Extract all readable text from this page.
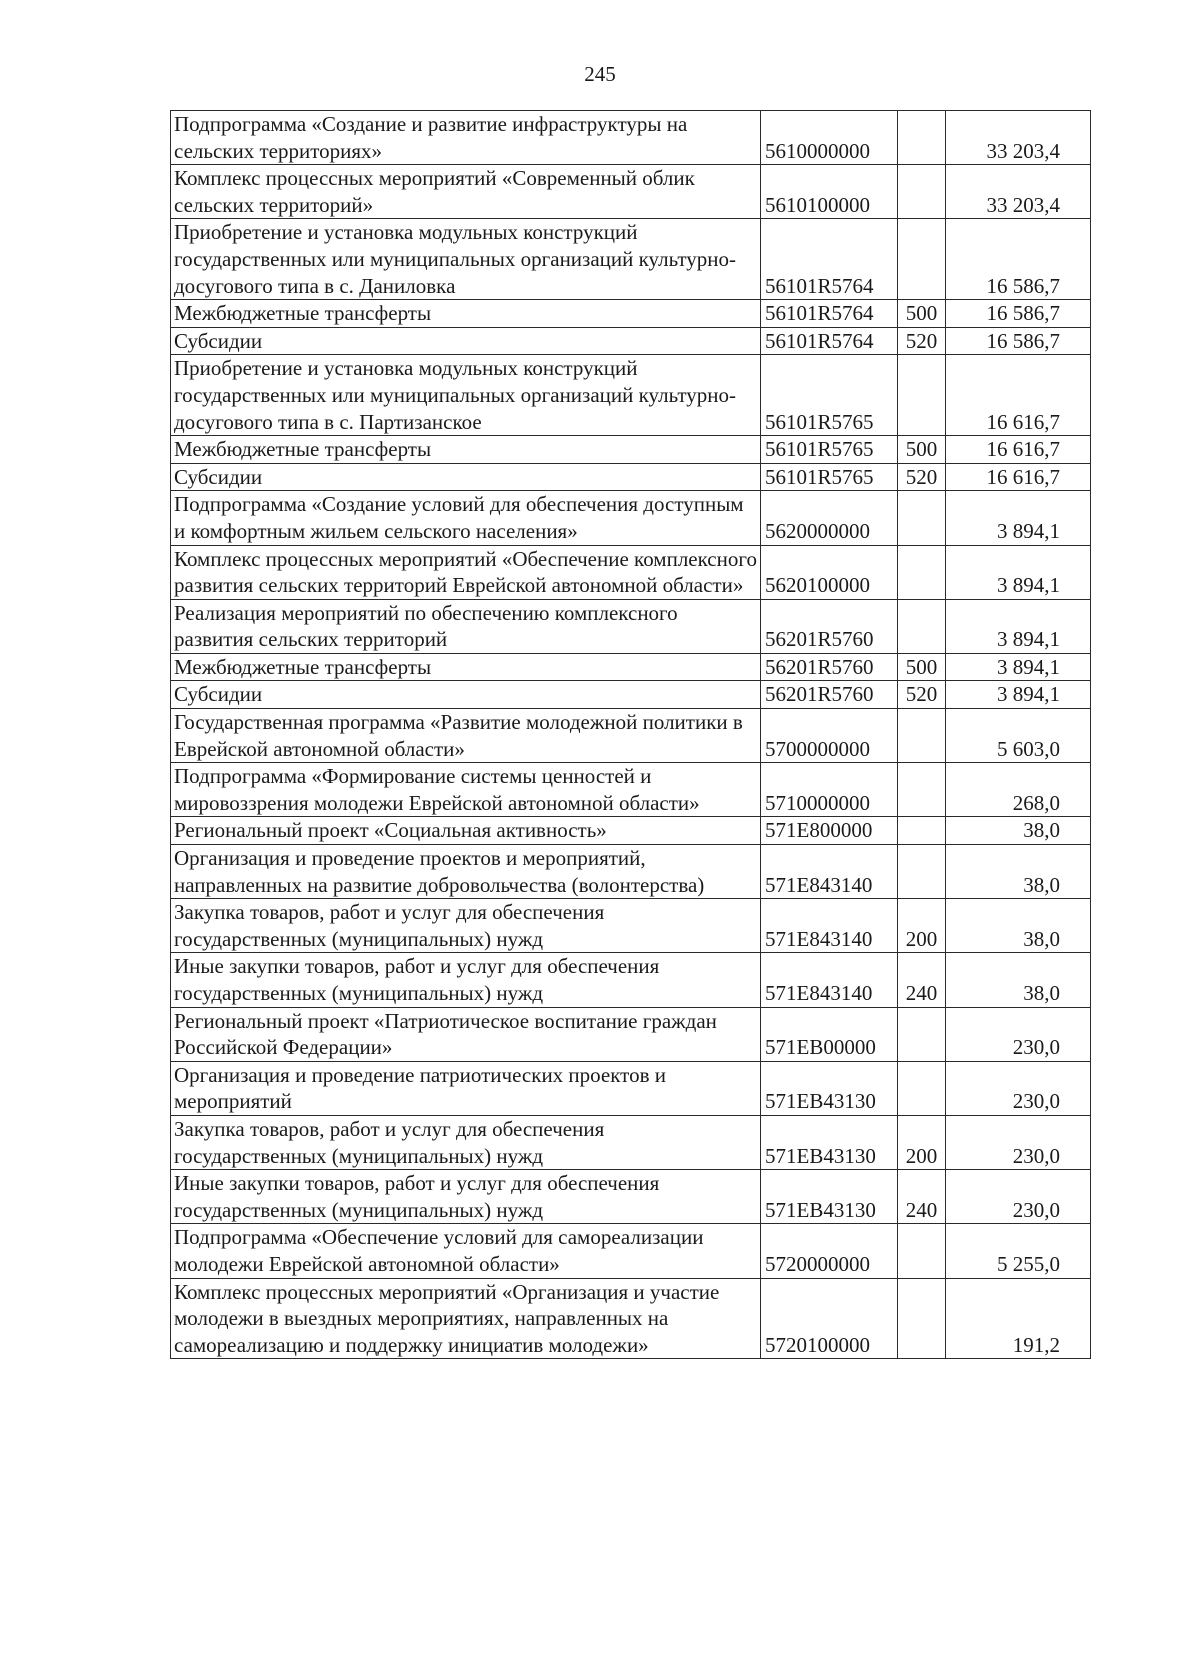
245
Подпрограмма «Создание и развитие инфраструктуры на сельских территориях»	5610000000		33 203,4
Комплекс процессных мероприятий «Современный облик сельских территорий»	5610100000		33 203,4
Приобретение и установка модульных конструкций государственных или муниципальных организаций культурно-досугового типа в с. Даниловка	56101R5764		16 586,7
Межбюджетные трансферты	56101R5764	500	16 586,7
Субсидии	56101R5764	520	16 586,7
Приобретение и установка модульных конструкций государственных или муниципальных организаций культурно-досугового типа в с. Партизанское	56101R5765		16 616,7
Межбюджетные трансферты	56101R5765	500	16 616,7
Субсидии	56101R5765	520	16 616,7
Подпрограмма «Создание условий для обеспечения доступным и комфортным жильем сельского населения»	5620000000		3 894,1
Комплекс процессных мероприятий «Обеспечение комплексного развития сельских территорий Еврейской автономной области»	5620100000		3 894,1
Реализация мероприятий по обеспечению комплексного развития сельских территорий	56201R5760		3 894,1
Межбюджетные трансферты	56201R5760	500	3 894,1
Субсидии	56201R5760	520	3 894,1
Государственная программа «Развитие молодежной политики в Еврейской автономной области»	5700000000		5 603,0
Подпрограмма «Формирование системы ценностей и мировоззрения молодежи Еврейской автономной области»	5710000000		268,0
Региональный проект «Социальная активность»	571E800000		38,0
Организация и проведение проектов и мероприятий, направленных на развитие добровольчества (волонтерства)	571E843140		38,0
Закупка товаров, работ и услуг для обеспечения государственных (муниципальных) нужд	571E843140	200	38,0
Иные закупки товаров, работ и услуг для обеспечения государственных (муниципальных) нужд	571E843140	240	38,0
Региональный проект «Патриотическое воспитание граждан Российской Федерации»	571EB00000		230,0
Организация и проведение патриотических проектов и мероприятий	571EB43130		230,0
Закупка товаров, работ и услуг для обеспечения государственных (муниципальных) нужд	571EB43130	200	230,0
Иные закупки товаров, работ и услуг для обеспечения государственных (муниципальных) нужд	571EB43130	240	230,0
Подпрограмма «Обеспечение условий для самореализации молодежи Еврейской автономной области»	5720000000		5 255,0
Комплекс процессных мероприятий «Организация и участие молодежи в выездных мероприятиях, направленных на самореализацию и поддержку инициатив молодежи»	5720100000		191,2
